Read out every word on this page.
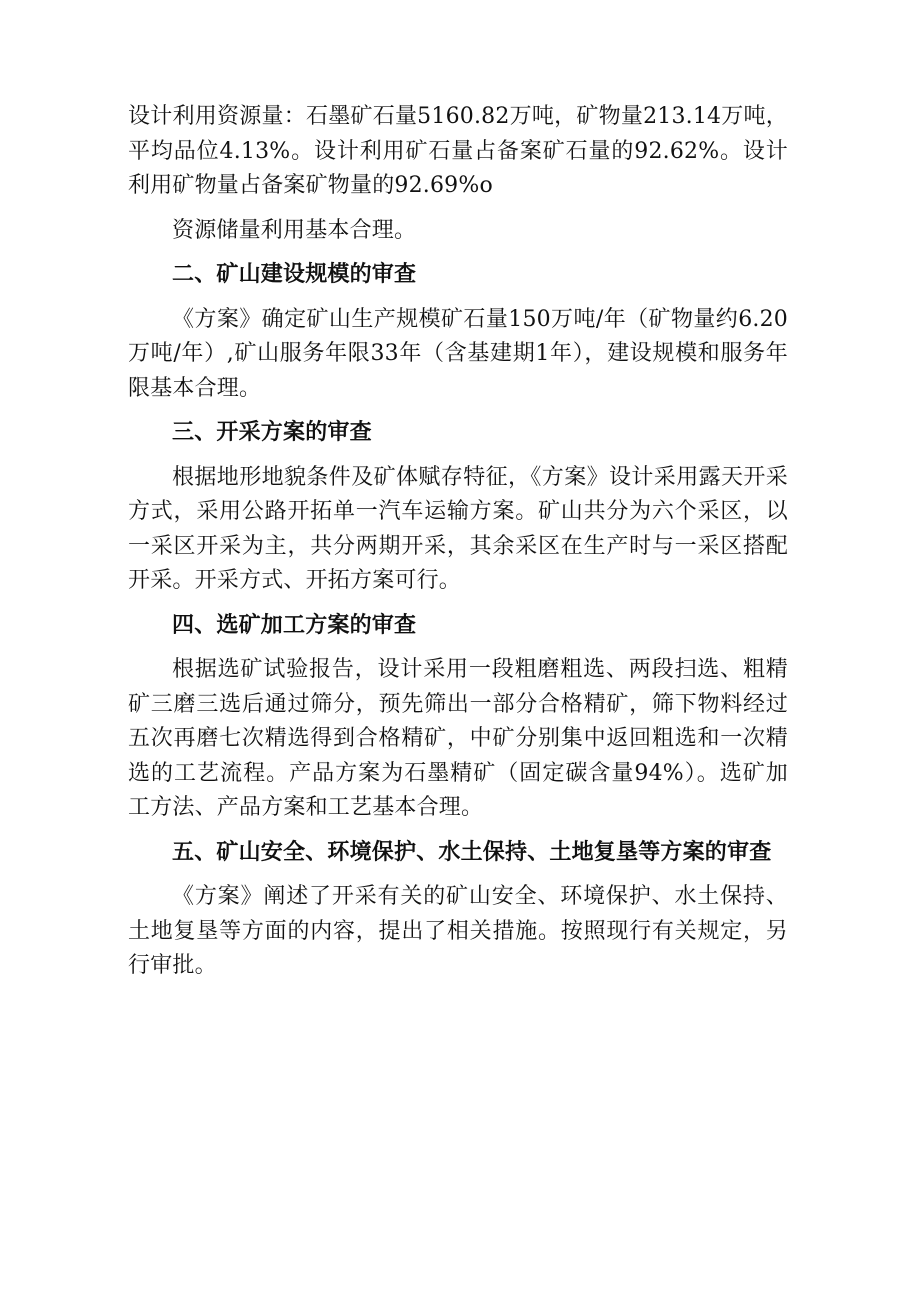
设计利用资源量：石墨矿石量5160.82万吨，矿物量213.14万吨，平均品位4.13%。设计利用矿石量占备案矿石量的92.62%。设计利用矿物量占备案矿物量的92.69%o

资源储量利用基本合理。

二、矿山建设规模的审查

《方案》确定矿山生产规模矿石量150万吨/年（矿物量约6.20万吨/年）,矿山服务年限33年（含基建期1年），建设规模和服务年限基本合理。

三、开采方案的审查

根据地形地貌条件及矿体赋存特征，《方案》设计采用露天开采方式，采用公路开拓单一汽车运输方案。矿山共分为六个采区，以一采区开采为主，共分两期开采，其余采区在生产时与一采区搭配开采。开采方式、开拓方案可行。

四、选矿加工方案的审查

根据选矿试验报告，设计采用一段粗磨粗选、两段扫选、粗精矿三磨三选后通过筛分，预先筛出一部分合格精矿，筛下物料经过五次再磨七次精选得到合格精矿，中矿分别集中返回粗选和一次精选的工艺流程。产品方案为石墨精矿（固定碳含量94%）。选矿加工方法、产品方案和工艺基本合理。

五、矿山安全、环境保护、水土保持、土地复垦等方案的审查

《方案》阐述了开采有关的矿山安全、环境保护、水土保持、土地复垦等方面的内容，提出了相关措施。按照现行有关规定，另行审批。
